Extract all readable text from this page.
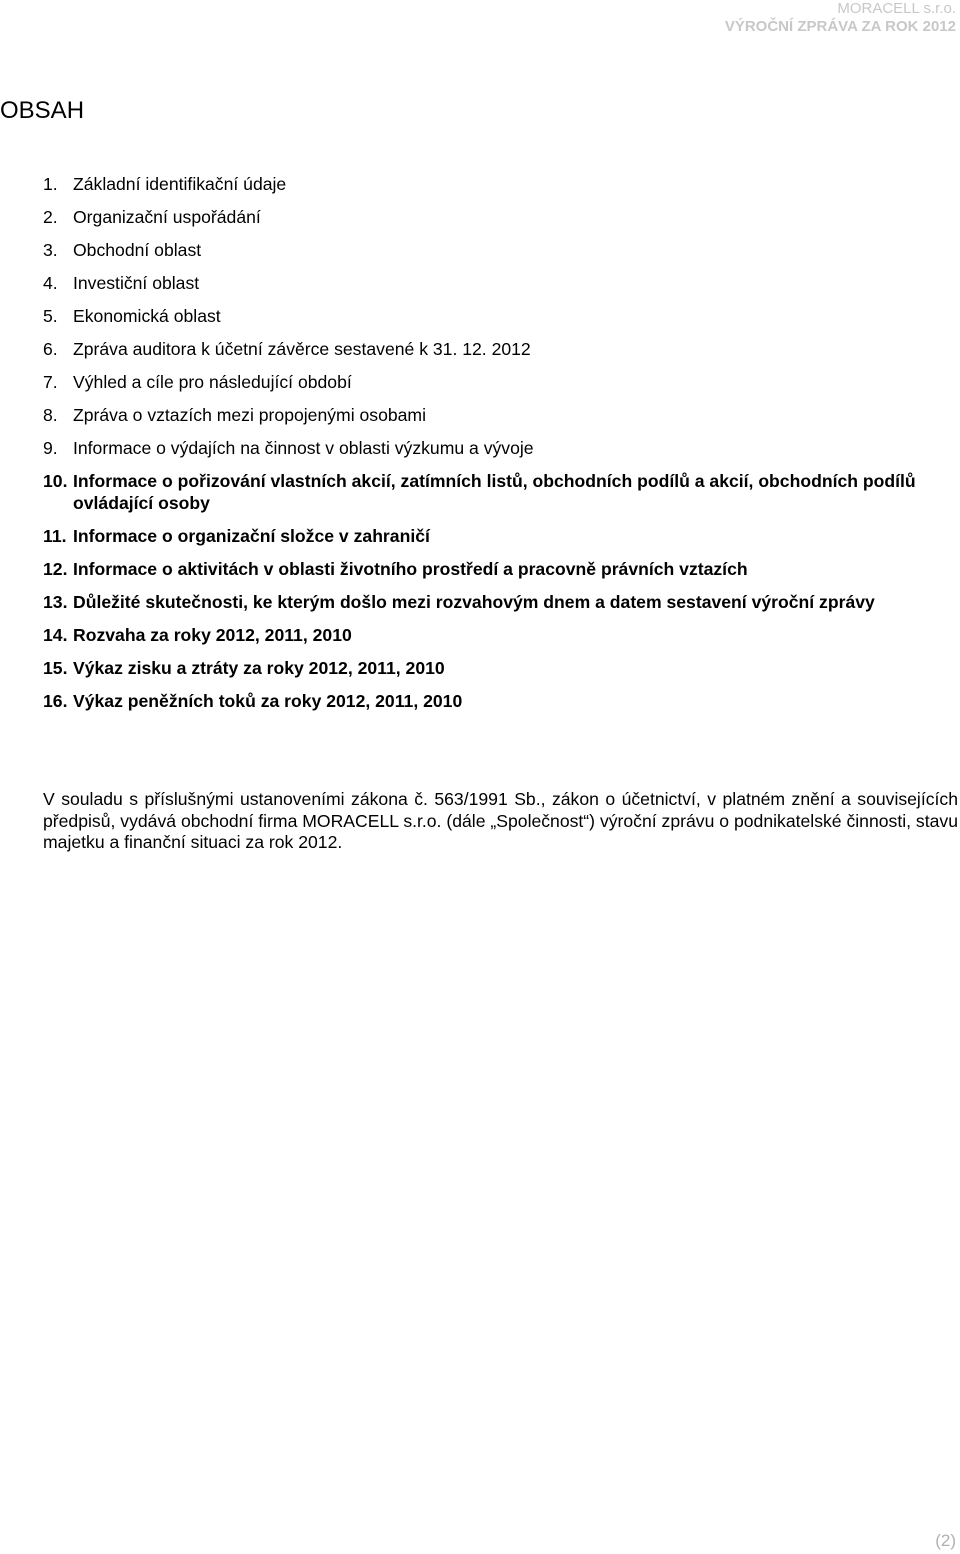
MORACELL s.r.o.
VÝROČNÍ ZPRÁVA ZA ROK 2012
OBSAH
1. Základní identifikační údaje
2. Organizační uspořádání
3. Obchodní oblast
4. Investiční oblast
5. Ekonomická oblast
6. Zpráva auditora k účetní závěrce sestavené k 31. 12. 2012
7. Výhled a cíle pro následující období
8. Zpráva o vztazích mezi propojenými osobami
9. Informace o výdajích na činnost v oblasti výzkumu a vývoje
10. Informace o pořizování vlastních akcií, zatímních listů, obchodních podílů a akcií, obchodních podílů ovládající osoby
11. Informace o organizační složce v zahraničí
12. Informace o aktivitách v oblasti životního prostředí a pracovně právních vztazích
13. Důležité skutečnosti, ke kterým došlo mezi rozvahovým dnem a datem sestavení výroční zprávy
14. Rozvaha za roky 2012, 2011, 2010
15. Výkaz zisku a ztráty za roky 2012, 2011, 2010
16. Výkaz peněžních toků za roky 2012, 2011, 2010

V souladu s příslušnými ustanoveními zákona č. 563/1991 Sb., zákon o účetnictví, v platném znění a souvisejících předpisů, vydává obchodní firma MORACELL s.r.o. (dále „Společnost“) výroční zprávu o podnikatelské činnosti, stavu majetku a finanční situaci za rok 2012.

(2)
